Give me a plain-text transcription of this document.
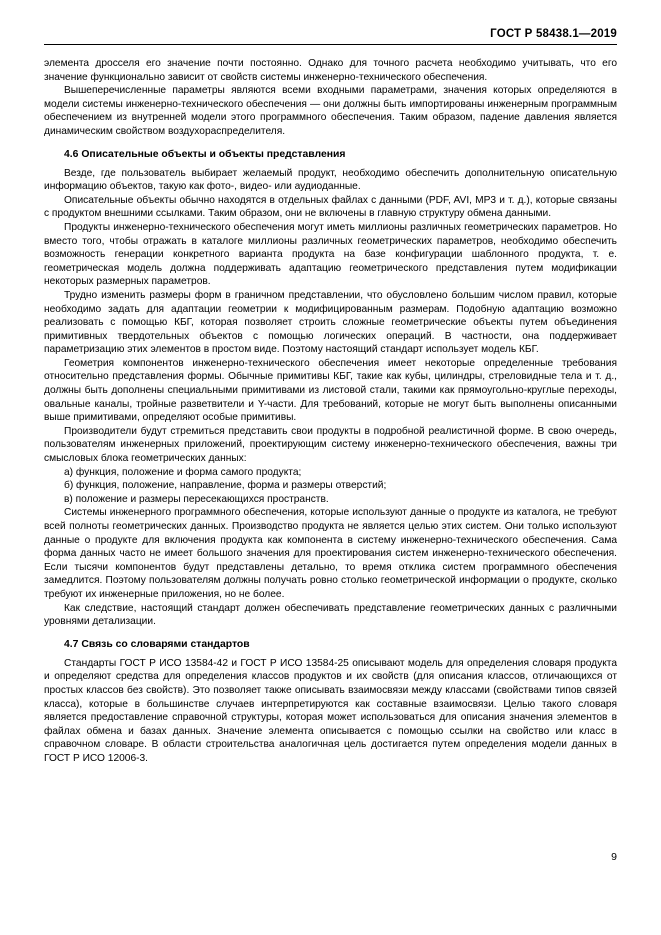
ГОСТ Р 58438.1—2019

элемента дросселя его значение почти постоянно. Однако для точного расчета необходимо учитывать, что его значение функционально зависит от свойств системы инженерно-технического обеспечения.

Вышеперечисленные параметры являются всеми входными параметрами, значения которых определяются в модели системы инженерно-технического обеспечения — они должны быть импортированы инженерным программным обеспечением из внутренней модели этого программного обеспечения. Таким образом, падение давления является динамическим свойством воздухораспределителя.

4.6 Описательные объекты и объекты представления

Везде, где пользователь выбирает желаемый продукт, необходимо обеспечить дополнительную описательную информацию объектов, такую как фото-, видео- или аудиоданные.

Описательные объекты обычно находятся в отдельных файлах с данными (PDF, AVI, MP3 и т. д.), которые связаны с продуктом внешними ссылками. Таким образом, они не включены в главную структуру обмена данными.

Продукты инженерно-технического обеспечения могут иметь миллионы различных геометрических параметров. Но вместо того, чтобы отражать в каталоге миллионы различных геометрических параметров, необходимо обеспечить возможность генерации конкретного варианта продукта на базе конфигурации шаблонного продукта, т. е. геометрическая модель должна поддерживать адаптацию геометрического представления путем модификации некоторых размерных параметров.

Трудно изменить размеры форм в граничном представлении, что обусловлено большим числом правил, которые необходимо задать для адаптации геометрии к модифицированным размерам. Подобную адаптацию возможно реализовать с помощью КБГ, которая позволяет строить сложные геометрические объекты путем объединения примитивных твердотельных объектов с помощью логических операций. В частности, она поддерживает параметризацию этих элементов в простом виде. Поэтому настоящий стандарт использует модель КБГ.

Геометрия компонентов инженерно-технического обеспечения имеет некоторые определенные требования относительно представления формы. Обычные примитивы КБГ, такие как кубы, цилиндры, стреловидные тела и т. д., должны быть дополнены специальными примитивами из листовой стали, такими как прямоугольно-круглые переходы, овальные каналы, тройные разветвители и Y-части. Для требований, которые не могут быть выполнены описанными выше примитивами, определяют особые примитивы.

Производители будут стремиться представить свои продукты в подробной реалистичной форме. В свою очередь, пользователям инженерных приложений, проектирующим систему инженерно-технического обеспечения, важны три смысловых блока геометрических данных:

а) функция, положение и форма самого продукта;

б) функция, положение, направление, форма и размеры отверстий;

в) положение и размеры пересекающихся пространств.

Системы инженерного программного обеспечения, которые используют данные о продукте из каталога, не требуют всей полноты геометрических данных. Производство продукта не является целью этих систем. Они только используют данные о продукте для включения продукта как компонента в систему инженерно-технического обеспечения. Сама форма данных часто не имеет большого значения для проектирования систем инженерно-технического обеспечения. Если тысячи компонентов будут представлены детально, то время отклика систем программного обеспечения замедлится. Поэтому пользователям должны получать ровно столько геометрической информации о продукте, сколько требуют их инженерные приложения, но не более.

Как следствие, настоящий стандарт должен обеспечивать представление геометрических данных с различными уровнями детализации.

4.7 Связь со словарями стандартов

Стандарты ГОСТ Р ИСО 13584-42 и ГОСТ Р ИСО 13584-25 описывают модель для определения словаря продукта и определяют средства для определения классов продуктов и их свойств (для описания классов, отличающихся от простых классов без свойств). Это позволяет также описывать взаимосвязи между классами (свойствами типов связей класса), которые в большинстве случаев интерпретируются как составные взаимосвязи. Целью такого словаря является предоставление справочной структуры, которая может использоваться для описания значения элементов в файлах обмена и базах данных. Значение элемента описывается с помощью ссылки на свойство или класс в справочном словаре. В области строительства аналогичная цель достигается путем определения модели данных в ГОСТ Р ИСО 12006-3.

9
